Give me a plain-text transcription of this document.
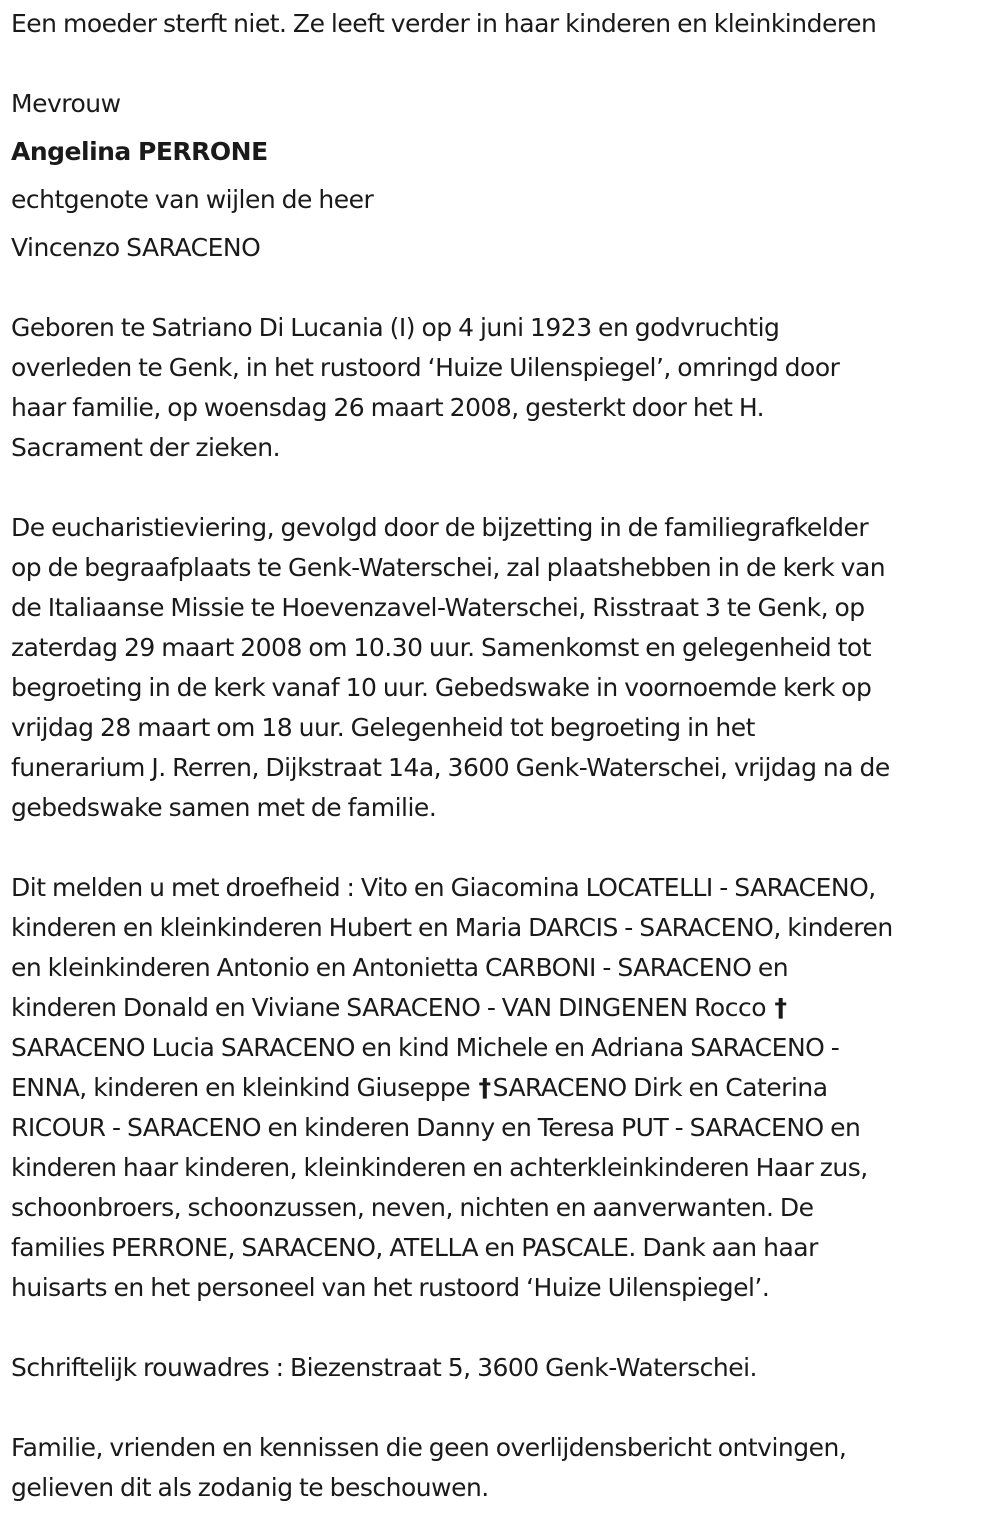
Een moeder sterft niet. Ze leeft verder in haar kinderen en kleinkinderen
Mevrouw
Angelina PERRONE
echtgenote van wijlen de heer
Vincenzo SARACENO
Geboren te Satriano Di Lucania (I) op 4 juni 1923 en godvruchtig
overleden te Genk, in het rustoord ‘Huize Uilenspiegel’, omringd door
haar familie, op woensdag 26 maart 2008, gesterkt door het H.
Sacrament der zieken.
De eucharistieviering, gevolgd door de bijzetting in de familiegrafkelder
op de begraafplaats te Genk-Waterschei, zal plaatshebben in de kerk van
de Italiaanse Missie te Hoevenzavel-Waterschei, Risstraat 3 te Genk, op
zaterdag 29 maart 2008 om 10.30 uur. Samenkomst en gelegenheid tot
begroeting in de kerk vanaf 10 uur. Gebedswake in voornoemde kerk op
vrijdag 28 maart om 18 uur. Gelegenheid tot begroeting in het
funerarium J. Rerren, Dijkstraat 14a, 3600 Genk-Waterschei, vrijdag na de
gebedswake samen met de familie.
Dit melden u met droefheid : Vito en Giacomina LOCATELLI - SARACENO,
kinderen en kleinkinderen Hubert en Maria DARCIS - SARACENO, kinderen
en kleinkinderen Antonio en Antonietta CARBONI - SARACENO en
kinderen Donald en Viviane SARACENO - VAN DINGENEN Rocco †
SARACENO Lucia SARACENO en kind Michele en Adriana SARACENO -
ENNA, kinderen en kleinkind Giuseppe †SARACENO Dirk en Caterina
RICOUR - SARACENO en kinderen Danny en Teresa PUT - SARACENO en
kinderen haar kinderen, kleinkinderen en achterkleinkinderen Haar zus,
schoonbroers, schoonzussen, neven, nichten en aanverwanten. De
families PERRONE, SARACENO, ATELLA en PASCALE. Dank aan haar
huisarts en het personeel van het rustoord ‘Huize Uilenspiegel’.
Schriftelijk rouwadres : Biezenstraat 5, 3600 Genk-Waterschei.
Familie, vrienden en kennissen die geen overlijdensbericht ontvingen,
gelieven dit als zodanig te beschouwen.
